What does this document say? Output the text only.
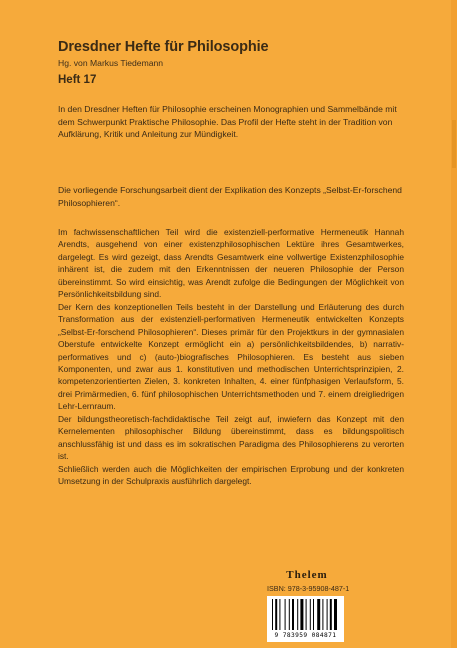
Dresdner Hefte für Philosophie
Hg. von Markus Tiedemann
Heft 17

In den Dresdner Heften für Philosophie erscheinen Monographien und Sammelbände mit dem Schwerpunkt Praktische Philosophie. Das Profil der Hefte steht in der Tradition von Aufklärung, Kritik und Anleitung zur Mündigkeit.

Die vorliegende Forschungsarbeit dient der Explikation des Konzepts „Selbst-Er-forschend Philosophieren“.

Im fachwissenschaftlichen Teil wird die existenziell-performative Hermeneutik Hannah Arendts, ausgehend von einer existenzphilosophischen Lektüre ihres Gesamtwerkes, dargelegt. Es wird gezeigt, dass Arendts Gesamtwerk eine vollwertige Existenzphilosophie inhärent ist, die zudem mit den Erkenntnissen der neueren Philosophie der Person übereinstimmt. So wird einsichtig, was Arendt zufolge die Bedingungen der Möglichkeit von Persönlichkeitsbildung sind.

Der Kern des konzeptionellen Teils besteht in der Darstellung und Erläuterung des durch Transformation aus der existenziell-performativen Hermeneutik entwickelten Konzepts „Selbst-Er-forschend Philosophieren“. Dieses primär für den Projektkurs in der gymnasialen Oberstufe entwickelte Konzept ermöglicht ein a) persönlichkeitsbildendes, b) narrativ-performatives und c) (auto-)biografisches Philosophieren. Es besteht aus sieben Komponenten, und zwar aus 1. konstitutiven und methodischen Unterrichtsprinzipien, 2. kompetenzorientierten Zielen, 3. konkreten Inhalten, 4. einer fünfphasigen Verlaufsform, 5. drei Primärmedien, 6. fünf philosophischen Unterrichtsmethoden und 7. einem dreigliedrigen Lehr-Lernraum.

Der bildungstheoretisch-fachdidaktische Teil zeigt auf, inwiefern das Konzept mit den Kernelementen philosophischer Bildung übereinstimmt, dass es bildungspolitisch anschlussfähig ist und dass es im sokratischen Paradigma des Philosophierens zu verorten ist.

Schließlich werden auch die Möglichkeiten der empirischen Erprobung und der konkreten Umsetzung in der Schulpraxis ausführlich dargelegt.

Thelem
ISBN: 978-3-95908-487-1
9 783959 084871
